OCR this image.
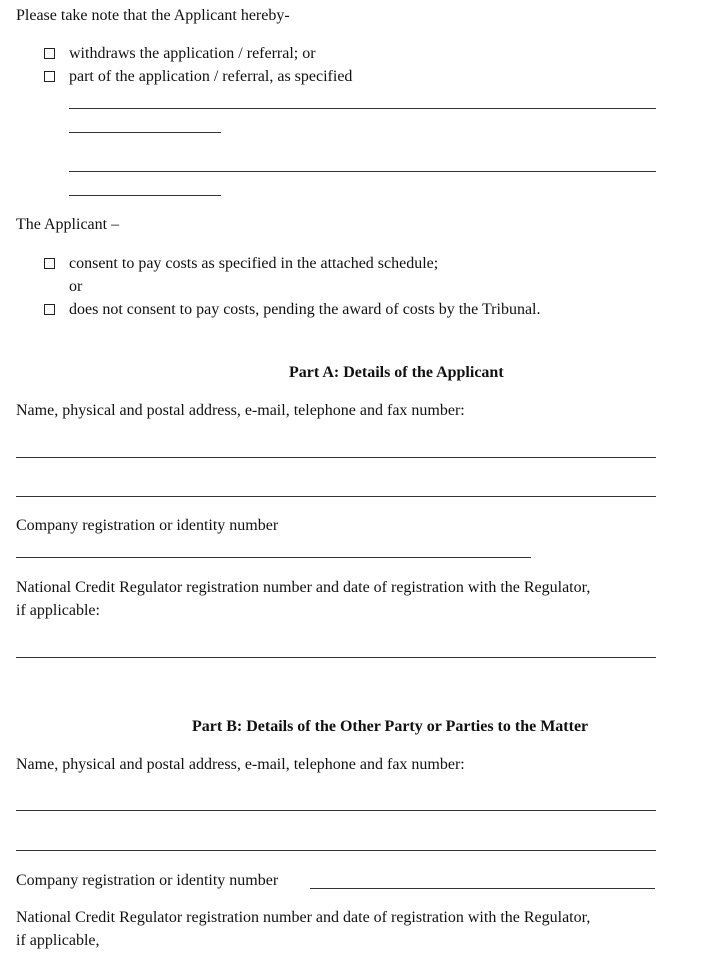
Please take note that the Applicant hereby-
withdraws the application / referral; or
part of the application / referral, as specified
The Applicant –
consent to pay costs as specified in the attached schedule;
or
does not consent to pay costs, pending the award of costs by the Tribunal.
Part A: Details of the Applicant
Name, physical and postal address, e-mail, telephone and fax number:
Company registration or identity number
National Credit Regulator registration number and date of registration with the Regulator,
if applicable:
Part B: Details of the Other Party or Parties to the Matter
Name, physical and postal address, e-mail, telephone and fax number:
Company registration or identity number
National Credit Regulator registration number and date of registration with the Regulator,
if applicable,
